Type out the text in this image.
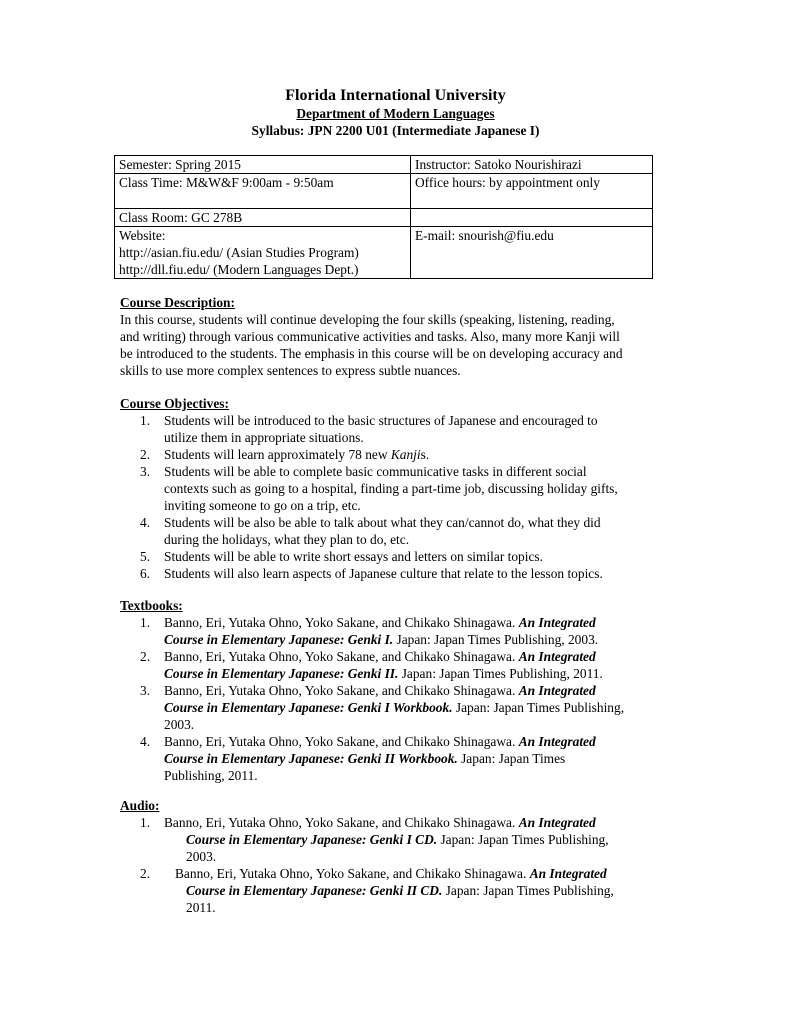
Florida International University
Department of Modern Languages
Syllabus: JPN 2200 U01 (Intermediate Japanese I)
Semester: Spring 2015	Instructor: Satoko Nourishirazi
Class Time: M&W&F 9:00am - 9:50am	Office hours: by appointment only
Class Room: GC 278B	

Website:
http://asian.fiu.edu/ (Asian Studies Program)
http://dll.fiu.edu/ (Modern Languages Dept.)	E-mail: snourish@fiu.edu
Course Description:

In this course, students will continue developing the four skills (speaking, listening, reading,

and writing) through various communicative activities and tasks. Also, many more Kanji will

be introduced to the students. The emphasis in this course will be on developing accuracy and

skills to use more complex sentences to express subtle nuances.

Course Objectives:
1. Students will be introduced to the basic structures of Japanese and encouraged to
utilize them in appropriate situations.
2. Students will learn approximately 78 new Kanjis.
3. Students will be able to complete basic communicative tasks in different social
contexts such as going to a hospital, finding a part-time job, discussing holiday gifts,
inviting someone to go on a trip, etc.
4. Students will be also be able to talk about what they can/cannot do, what they did
during the holidays, what they plan to do, etc.
5. Students will be able to write short essays and letters on similar topics.
6. Students will also learn aspects of Japanese culture that relate to the lesson topics.
Textbooks:
1. Banno, Eri, Yutaka Ohno, Yoko Sakane, and Chikako Shinagawa. An Integrated
Course in Elementary Japanese: Genki I. Japan: Japan Times Publishing, 2003.
2. Banno, Eri, Yutaka Ohno, Yoko Sakane, and Chikako Shinagawa. An Integrated
Course in Elementary Japanese: Genki II. Japan: Japan Times Publishing, 2011.
3. Banno, Eri, Yutaka Ohno, Yoko Sakane, and Chikako Shinagawa. An Integrated
Course in Elementary Japanese: Genki I Workbook. Japan: Japan Times Publishing,
2003.
4. Banno, Eri, Yutaka Ohno, Yoko Sakane, and Chikako Shinagawa. An Integrated
Course in Elementary Japanese: Genki II Workbook. Japan: Japan Times
Publishing, 2011.
Audio:
1. Banno, Eri, Yutaka Ohno, Yoko Sakane, and Chikako Shinagawa. An Integrated
Course in Elementary Japanese: Genki I CD. Japan: Japan Times Publishing,
2003.
2. Banno, Eri, Yutaka Ohno, Yoko Sakane, and Chikako Shinagawa. An Integrated
Course in Elementary Japanese: Genki II CD. Japan: Japan Times Publishing,
2011.
